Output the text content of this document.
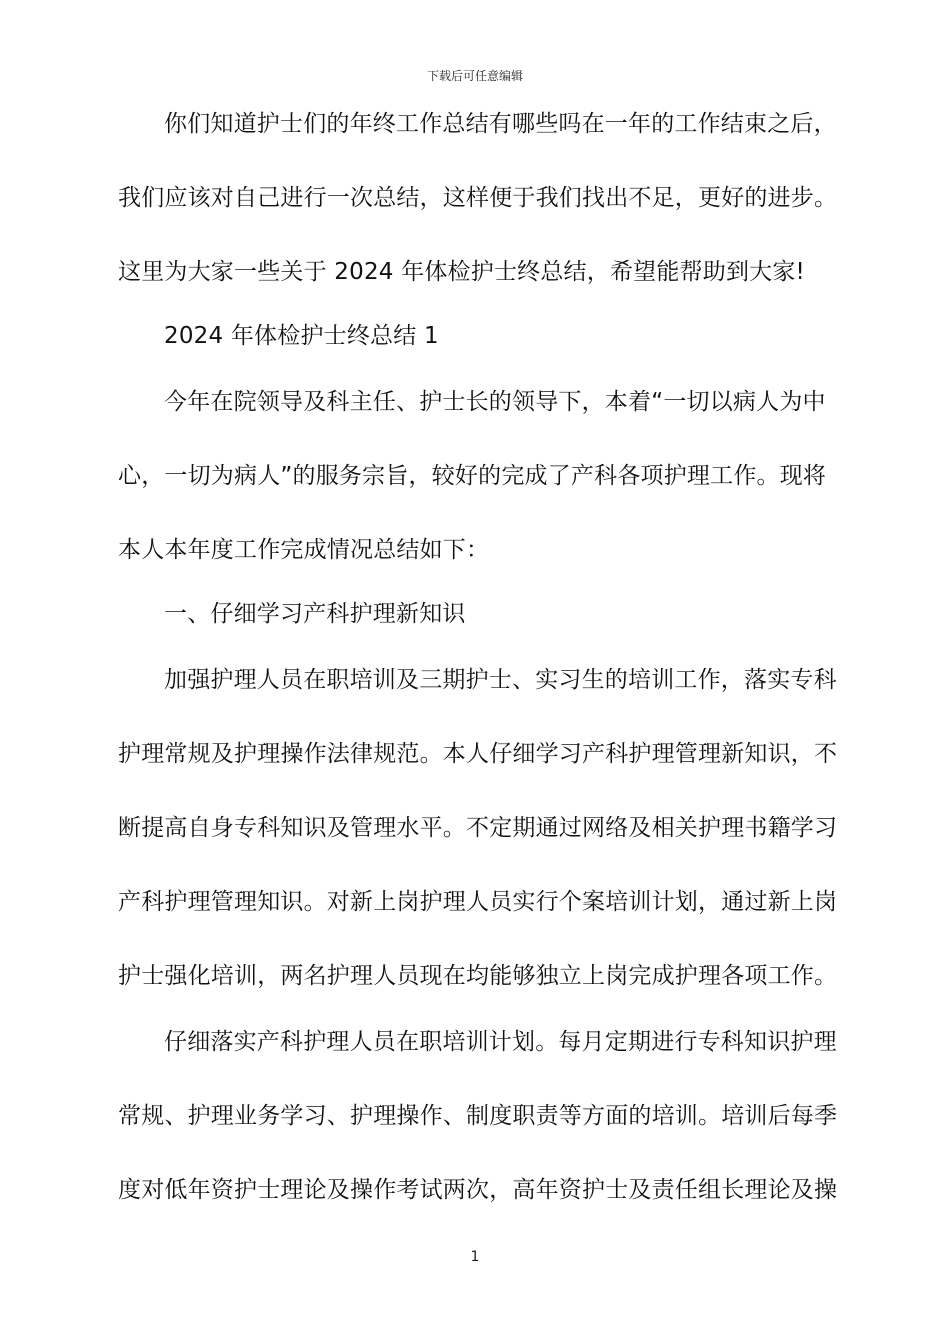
下载后可任意编辑
你们知道护士们的年终工作总结有哪些吗在一年的工作结束之后，
我们应该对自己进行一次总结，这样便于我们找出不足，更好的进步。
这里为大家一些关于 2024 年体检护士终总结，希望能帮助到大家!
2024 年体检护士终总结 1
今年在院领导及科主任、护士长的领导下，本着“一切以病人为中
心，一切为病人”的服务宗旨，较好的完成了产科各项护理工作。现将
本人本年度工作完成情况总结如下：
一、仔细学习产科护理新知识
加强护理人员在职培训及三期护士、实习生的培训工作，落实专科
护理常规及护理操作法律规范。本人仔细学习产科护理管理新知识，不
断提高自身专科知识及管理水平。不定期通过网络及相关护理书籍学习
产科护理管理知识。对新上岗护理人员实行个案培训计划，通过新上岗
护士强化培训，两名护理人员现在均能够独立上岗完成护理各项工作。
仔细落实产科护理人员在职培训计划。每月定期进行专科知识护理
常规、护理业务学习、护理操作、制度职责等方面的培训。培训后每季
度对低年资护士理论及操作考试两次，高年资护士及责任组长理论及操
1
